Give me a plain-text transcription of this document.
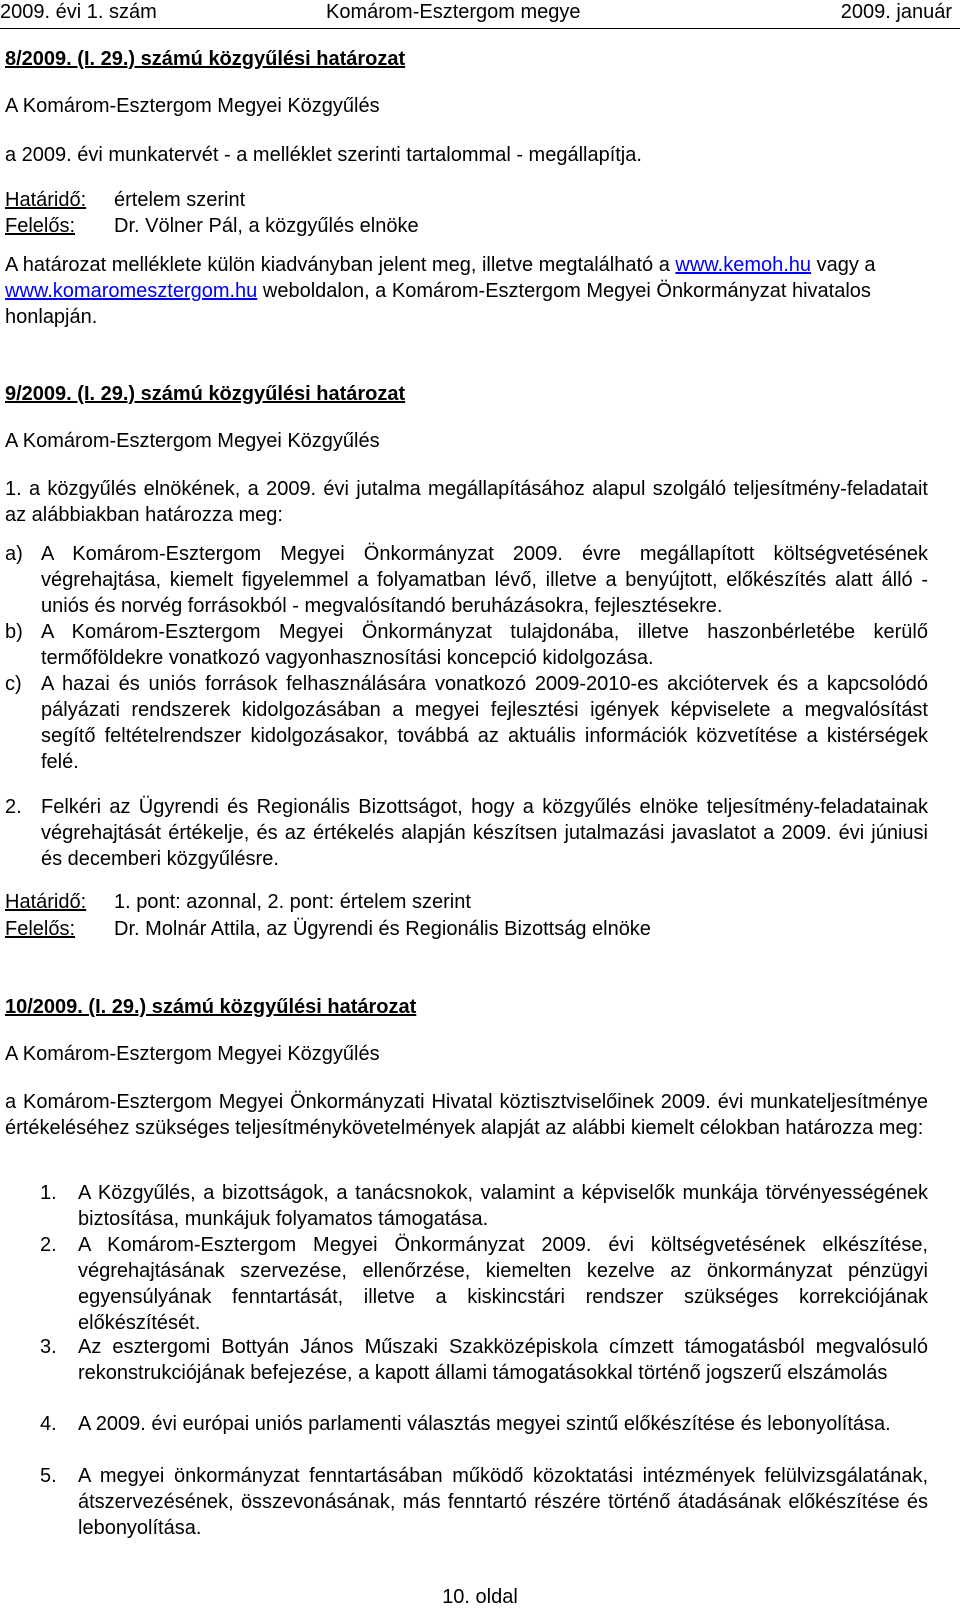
2009. évi 1. szám	Komárom-Esztergom megye	2009. január
8/2009. (I. 29.) számú közgyűlési határozat
A Komárom-Esztergom Megyei Közgyűlés
a 2009. évi munkatervét - a melléklet szerinti tartalommal - megállapítja.
Határidő: értelem szerint
Felelős: Dr. Völner Pál, a közgyűlés elnöke
A határozat melléklete külön kiadványban jelent meg, illetve megtalálható a www.kemoh.hu vagy a www.komaromesztergom.hu weboldalon, a Komárom-Esztergom Megyei Önkormányzat hivatalos honlapján.
9/2009. (I. 29.) számú közgyűlési határozat
A Komárom-Esztergom Megyei Közgyűlés
1. a közgyűlés elnökének, a 2009. évi jutalma megállapításához alapul szolgáló teljesítmény-feladatait az alábbiakban határozza meg:
a) A Komárom-Esztergom Megyei Önkormányzat 2009. évre megállapított költségvetésének végrehajtása, kiemelt figyelemmel a folyamatban lévő, illetve a benyújtott, előkészítés alatt álló - uniós és norvég forrásokból - megvalósítandó beruházásokra, fejlesztésekre.
b) A Komárom-Esztergom Megyei Önkormányzat tulajdonába, illetve haszonbérletébe kerülő termőföldekre vonatkozó vagyonhasznosítási koncepció kidolgozása.
c) A hazai és uniós források felhasználására vonatkozó 2009-2010-es akciótervek és a kapcsolódó pályázati rendszerek kidolgozásában a megyei fejlesztési igények képviselete a megvalósítást segítő feltételrendszer kidolgozásakor, továbbá az aktuális információk közvetítése a kistérségek felé.
2. Felkéri az Ügyrendi és Regionális Bizottságot, hogy a közgyűlés elnöke teljesítmény-feladatainak végrehajtását értékelje, és az értékelés alapján készítsen jutalmazási javaslatot a 2009. évi júniusi és decemberi közgyűlésre.
Határidő: 1. pont: azonnal, 2. pont: értelem szerint
Felelős: Dr. Molnár Attila, az Ügyrendi és Regionális Bizottság elnöke
10/2009. (I. 29.) számú közgyűlési határozat
A Komárom-Esztergom Megyei Közgyűlés
a Komárom-Esztergom Megyei Önkormányzati Hivatal köztisztviselőinek 2009. évi munkateljesítménye értékeléséhez szükséges teljesítménykövetelmények alapját az alábbi kiemelt célokban határozza meg:
1. A Közgyűlés, a bizottságok, a tanácsnokok, valamint a képviselők munkája törvényességének biztosítása, munkájuk folyamatos támogatása.
2. A Komárom-Esztergom Megyei Önkormányzat 2009. évi költségvetésének elkészítése, végrehajtásának szervezése, ellenőrzése, kiemelten kezelve az önkormányzat pénzügyi egyensúlyának fenntartását, illetve a kiskincstári rendszer szükséges korrekciójának előkészítését.
3. Az esztergomi Bottyán János Műszaki Szakközépiskola címzett támogatásból megvalósuló rekonstrukciójának befejezése, a kapott állami támogatásokkal történő jogszerű elszámolás
4. A 2009. évi európai uniós parlamenti választás megyei szintű előkészítése és lebonyolítása.
5. A megyei önkormányzat fenntartásában működő közoktatási intézmények felülvizsgálatának, átszervezésének, összevonásának, más fenntartó részére történő átadásának előkészítése és lebonyolítása.
10. oldal
